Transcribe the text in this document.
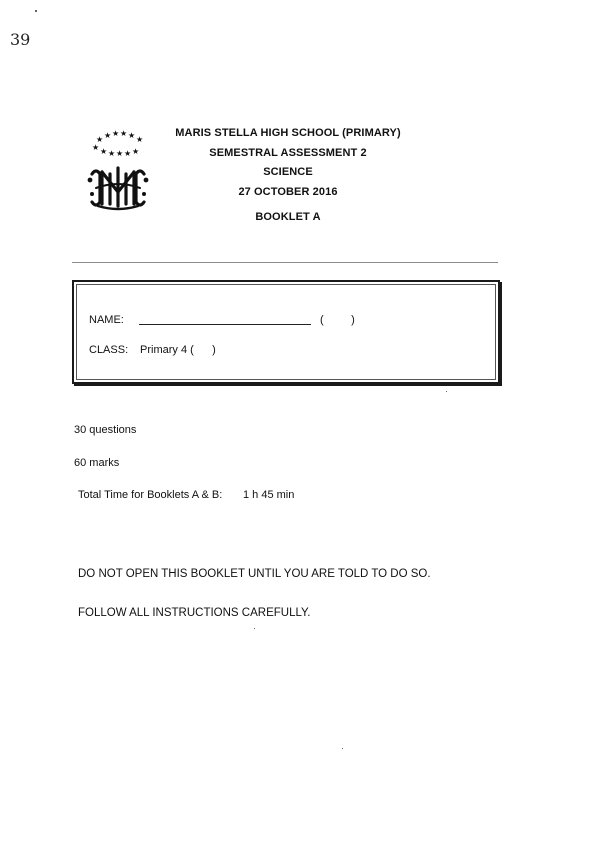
39
★ ★ ★ ★ ★ ★
★ ★ ★ ★ ★ ★
MARIS STELLA HIGH SCHOOL (PRIMARY)
SEMESTRAL ASSESSMENT 2
SCIENCE
27 OCTOBER 2016
BOOKLET A
NAME:	(         )
CLASS: Primary 4 (      )
30 questions
60 marks
Total Time for Booklets A & B: 1 h 45 min
DO NOT OPEN THIS BOOKLET UNTIL YOU ARE TOLD TO DO SO.
FOLLOW ALL INSTRUCTIONS CAREFULLY.
